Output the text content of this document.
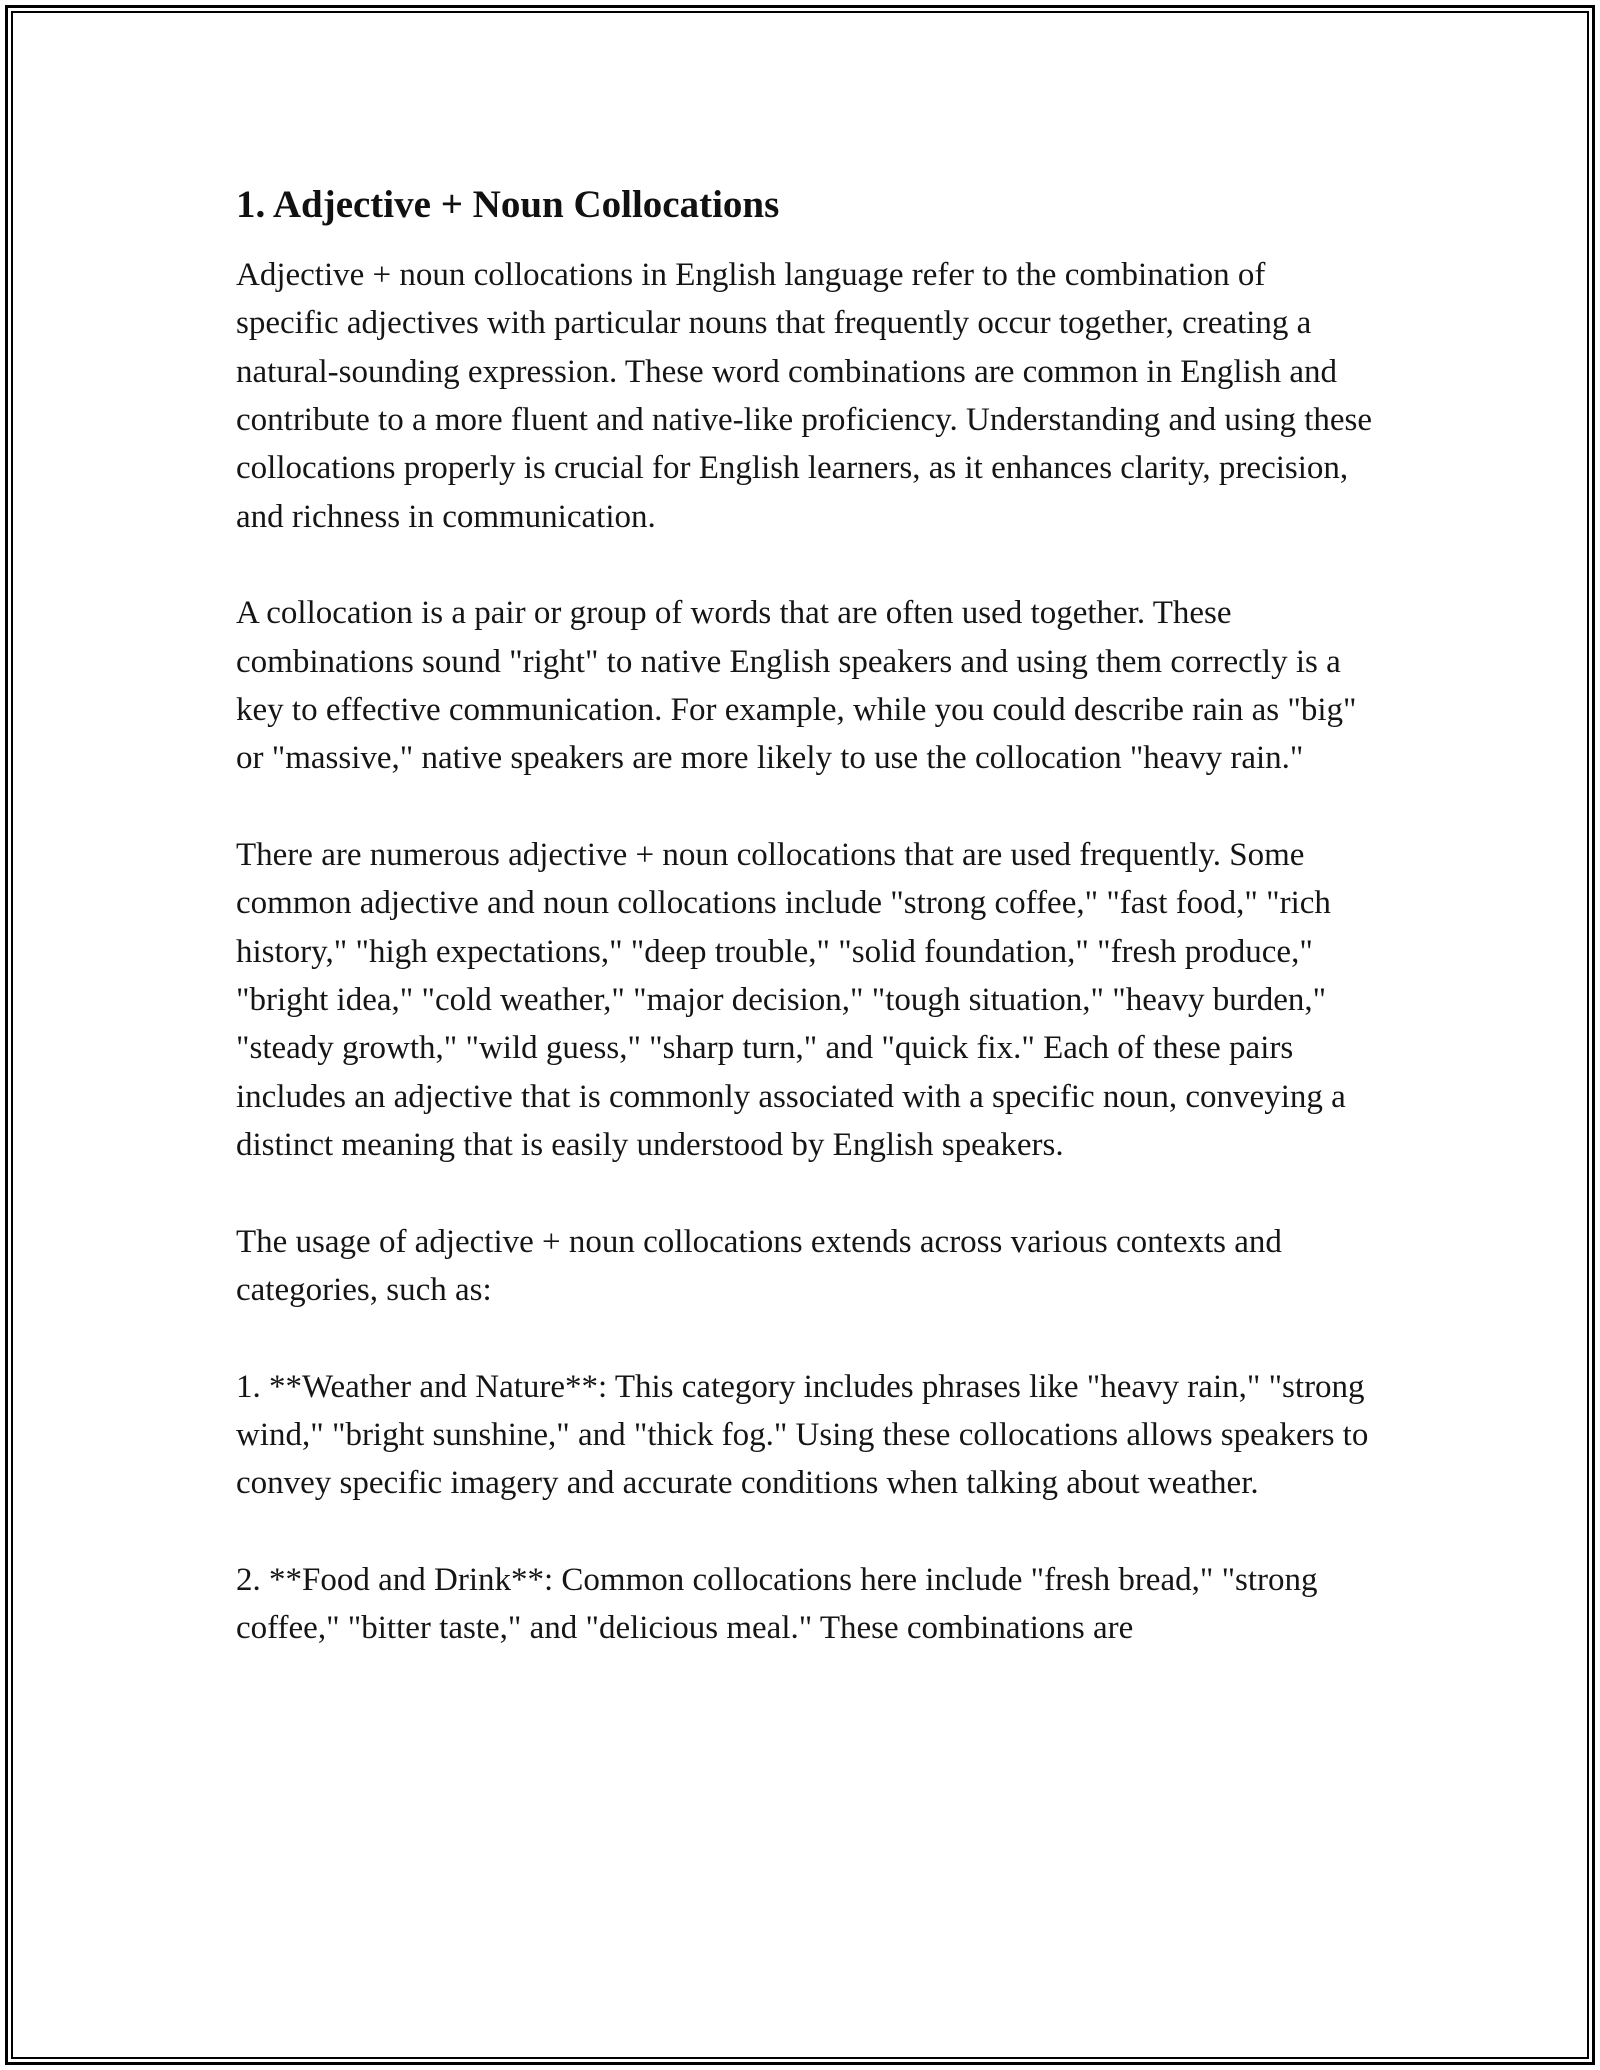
1. Adjective + Noun Collocations

Adjective + noun collocations in English language refer to the combination of specific adjectives with particular nouns that frequently occur together, creating a natural-sounding expression. These word combinations are common in English and contribute to a more fluent and native-like proficiency. Understanding and using these collocations properly is crucial for English learners, as it enhances clarity, precision, and richness in communication.

A collocation is a pair or group of words that are often used together. These combinations sound "right" to native English speakers and using them correctly is a key to effective communication. For example, while you could describe rain as "big" or "massive," native speakers are more likely to use the collocation "heavy rain."

There are numerous adjective + noun collocations that are used frequently. Some common adjective and noun collocations include "strong coffee," "fast food," "rich history," "high expectations," "deep trouble," "solid foundation," "fresh produce," "bright idea," "cold weather," "major decision," "tough situation," "heavy burden," "steady growth," "wild guess," "sharp turn," and "quick fix." Each of these pairs includes an adjective that is commonly associated with a specific noun, conveying a distinct meaning that is easily understood by English speakers.

The usage of adjective + noun collocations extends across various contexts and categories, such as:

1. **Weather and Nature**: This category includes phrases like "heavy rain," "strong wind," "bright sunshine," and "thick fog." Using these collocations allows speakers to convey specific imagery and accurate conditions when talking about weather.

2. **Food and Drink**: Common collocations here include "fresh bread," "strong coffee," "bitter taste," and "delicious meal." These combinations are
